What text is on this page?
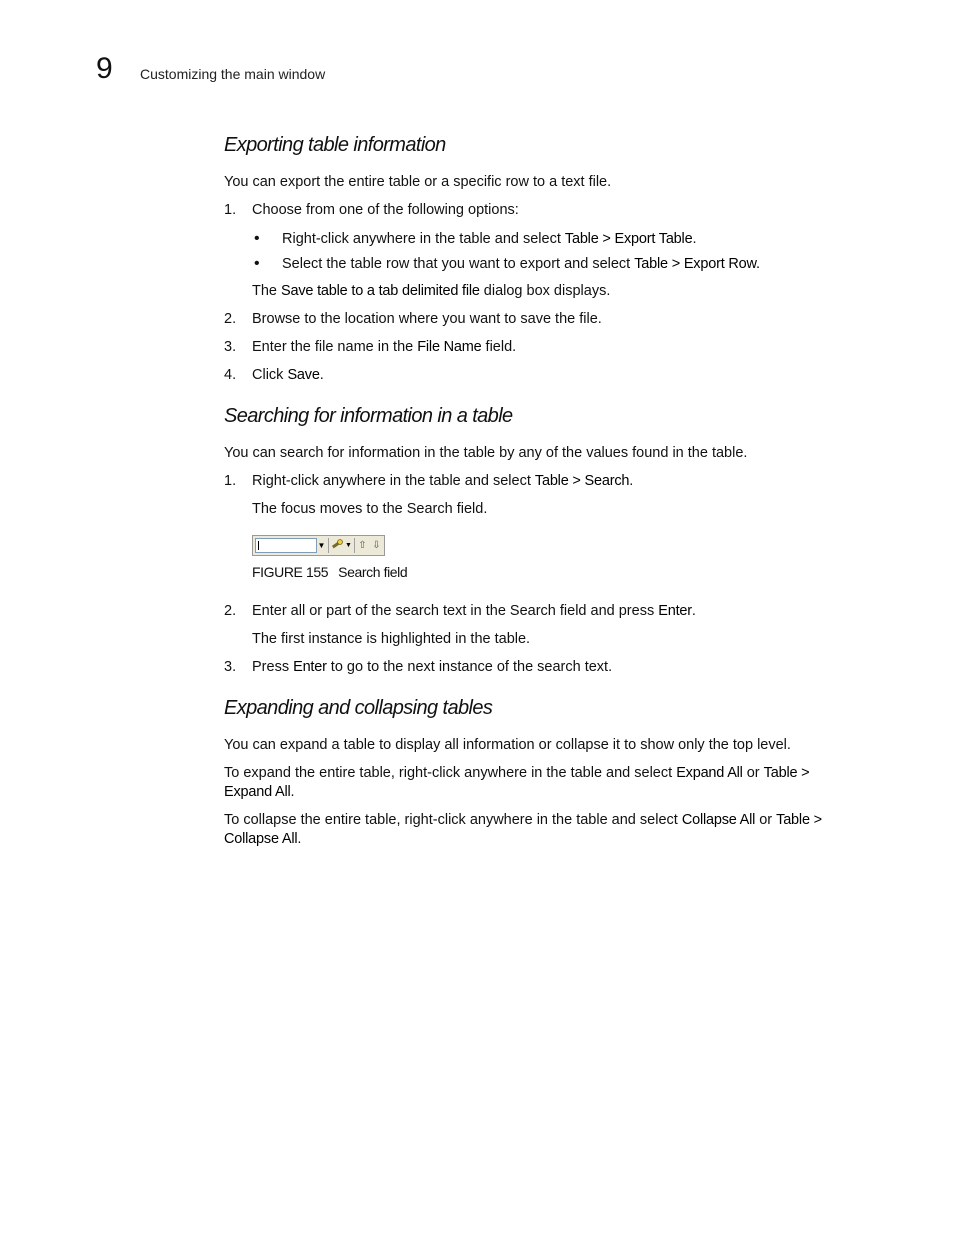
9 Customizing the main window
Exporting table information
You can export the entire table or a specific row to a text file.
1. Choose from one of the following options:
• Right-click anywhere in the table and select Table > Export Table.
• Select the table row that you want to export and select Table > Export Row.
The Save table to a tab delimited file dialog box displays.
2. Browse to the location where you want to save the file.
3. Enter the file name in the File Name field.
4. Click Save.
Searching for information in a table
You can search for information in the table by any of the values found in the table.
1. Right-click anywhere in the table and select Table > Search.
The focus moves to the Search field.
▼	▼ ⇧ ⇩
FIGURE 155 Search field
2. Enter all or part of the search text in the Search field and press Enter.
The first instance is highlighted in the table.
3. Press Enter to go to the next instance of the search text.
Expanding and collapsing tables
You can expand a table to display all information or collapse it to show only the top level.
To expand the entire table, right-click anywhere in the table and select Expand All or Table >
Expand All.
To collapse the entire table, right-click anywhere in the table and select Collapse All or Table >
Collapse All.
